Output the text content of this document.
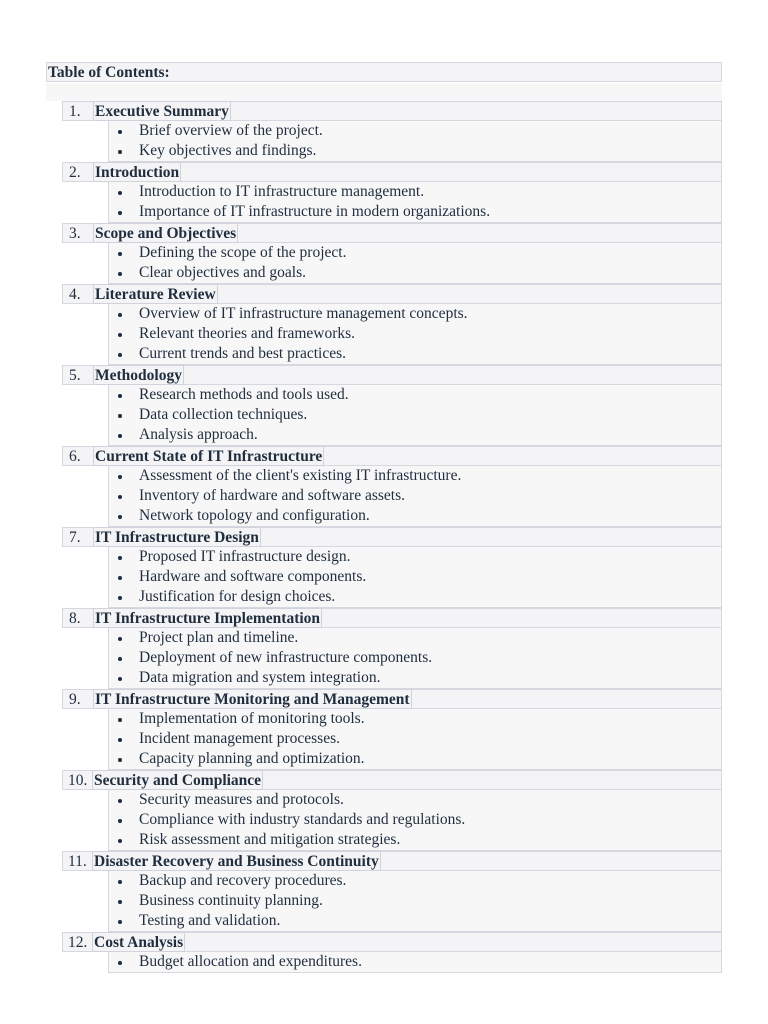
Table of Contents:
1. Executive Summary
Brief overview of the project.
Key objectives and findings.
2. Introduction
Introduction to IT infrastructure management.
Importance of IT infrastructure in modern organizations.
3. Scope and Objectives
Defining the scope of the project.
Clear objectives and goals.
4. Literature Review
Overview of IT infrastructure management concepts.
Relevant theories and frameworks.
Current trends and best practices.
5. Methodology
Research methods and tools used.
Data collection techniques.
Analysis approach.
6. Current State of IT Infrastructure
Assessment of the client's existing IT infrastructure.
Inventory of hardware and software assets.
Network topology and configuration.
7. IT Infrastructure Design
Proposed IT infrastructure design.
Hardware and software components.
Justification for design choices.
8. IT Infrastructure Implementation
Project plan and timeline.
Deployment of new infrastructure components.
Data migration and system integration.
9. IT Infrastructure Monitoring and Management
Implementation of monitoring tools.
Incident management processes.
Capacity planning and optimization.
10. Security and Compliance
Security measures and protocols.
Compliance with industry standards and regulations.
Risk assessment and mitigation strategies.
11. Disaster Recovery and Business Continuity
Backup and recovery procedures.
Business continuity planning.
Testing and validation.
12. Cost Analysis
Budget allocation and expenditures.
